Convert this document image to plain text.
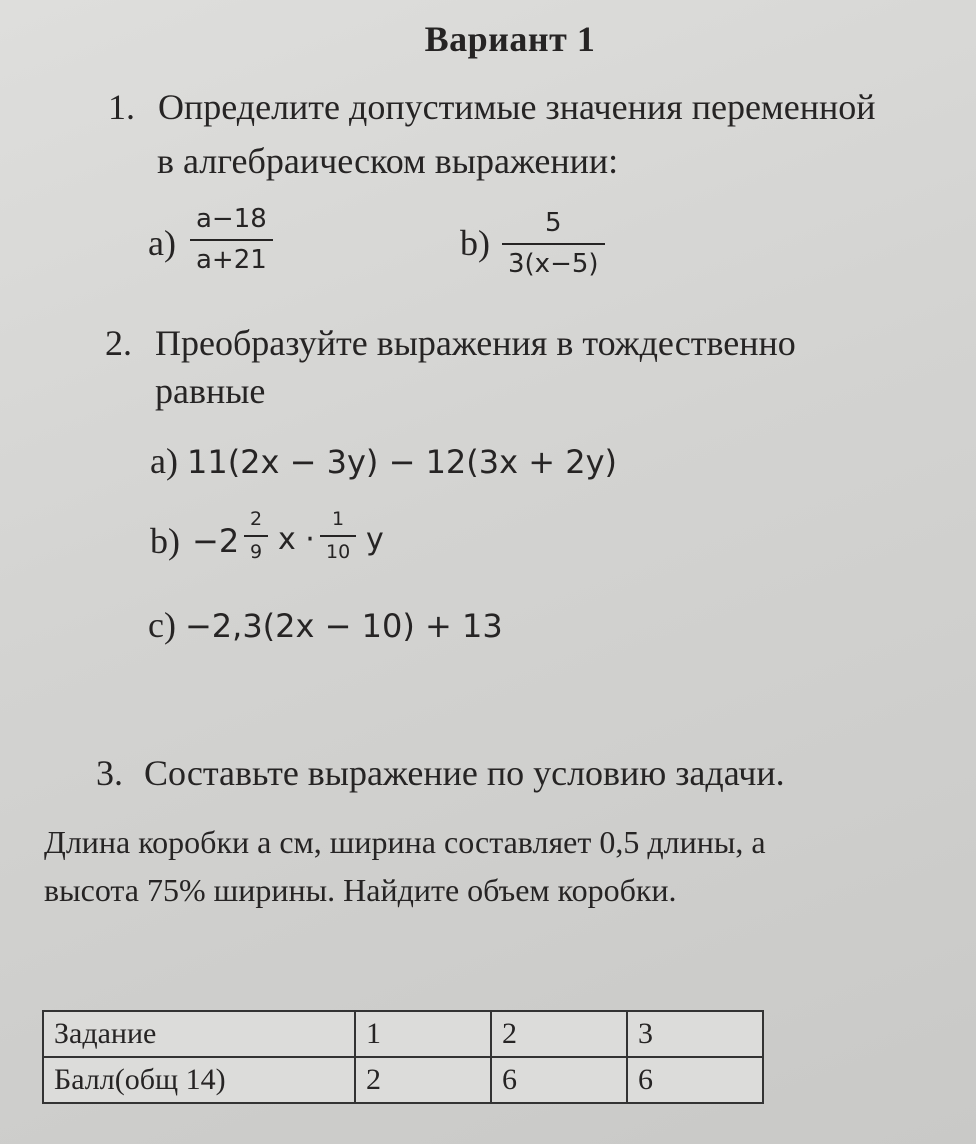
Вариант 1
1. Определите допустимые значения переменной
в алгебраическом выражении:
a)
a−18
a+21	b) 5
3(x−5)
2. Преобразуйте выражения в тождественно
равные
a) 11(2x − 3y) − 12(3x + 2y)
b) −2
2
9 x ·
1
10 y
c) −2,3(2x − 10) + 13
3. Составьте выражение по условию задачи.
Длина коробки a см, ширина составляет 0,5 длины, а
высота 75% ширины. Найдите объем коробки.
Задание	1	2	3
Балл(общ 14)	2	6	6
